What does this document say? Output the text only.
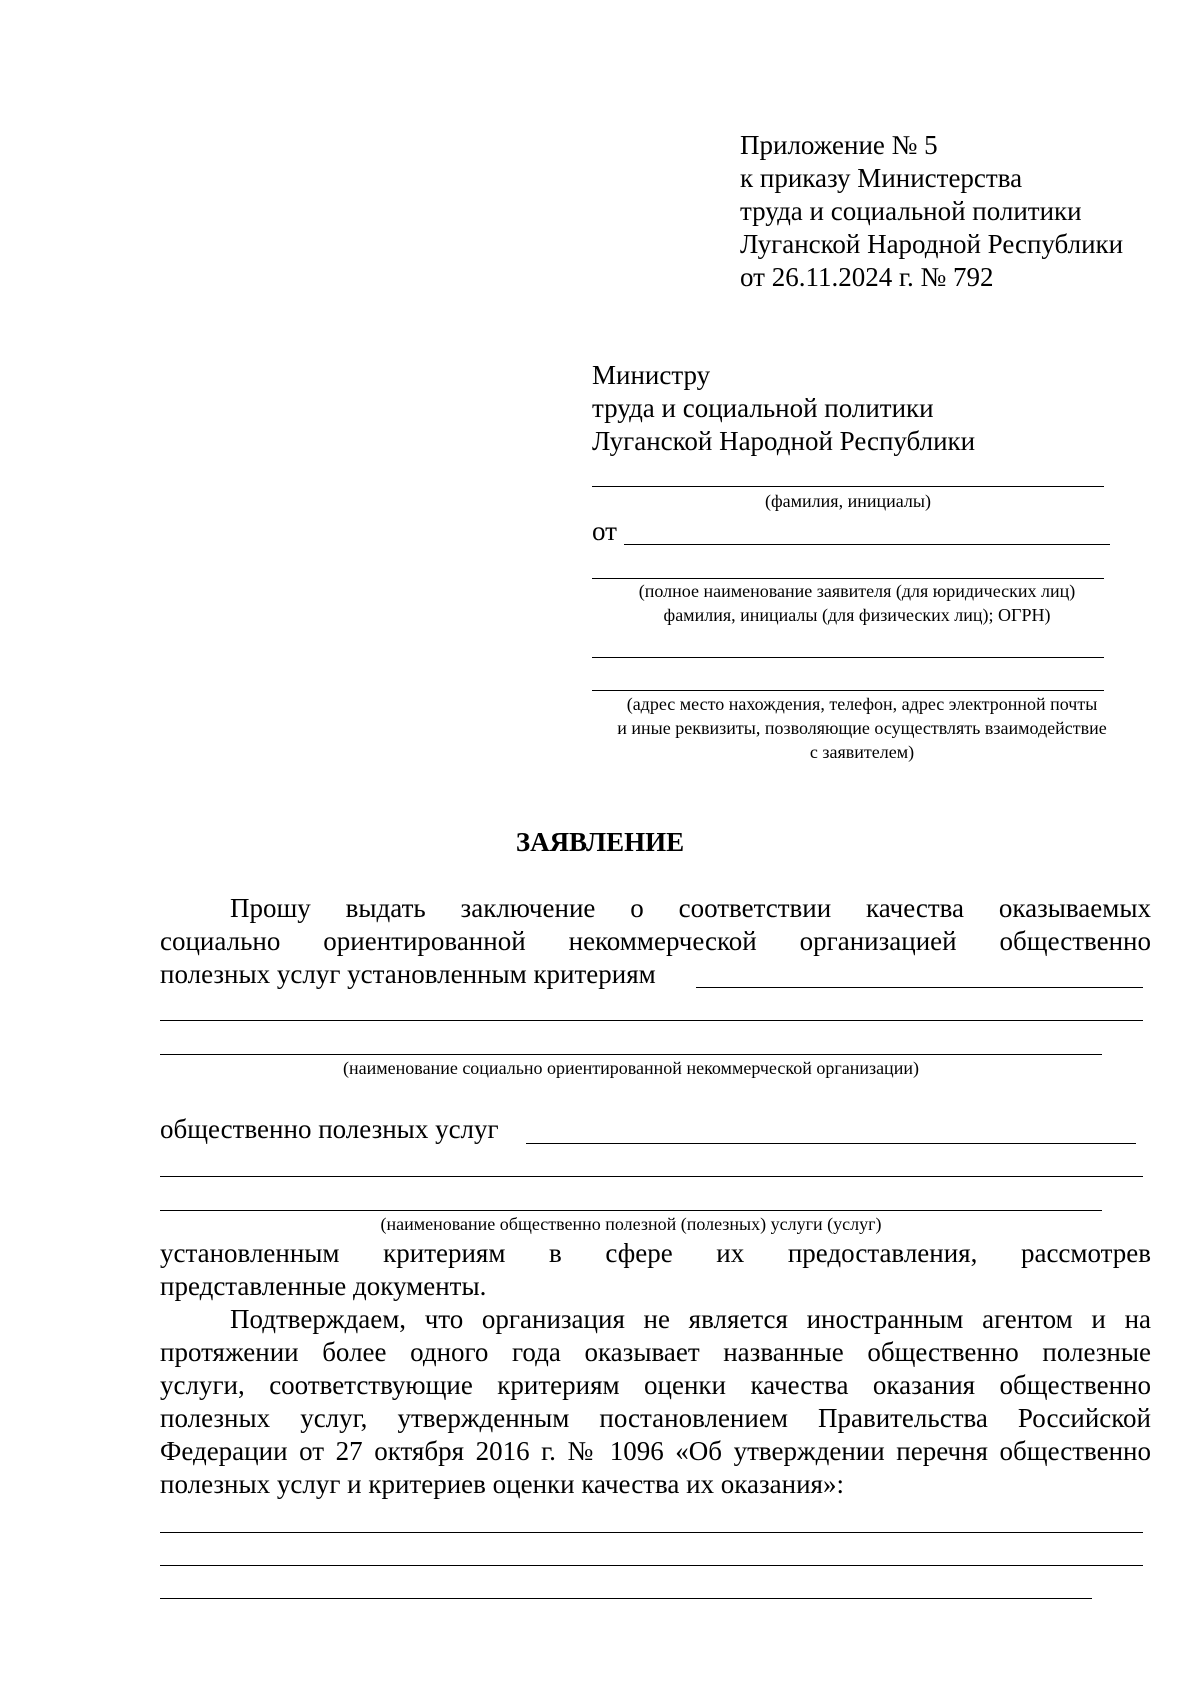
Приложение № 5
к приказу Министерства
труда и социальной политики
Луганской Народной Республики
от 26.11.2024 г. № 792
Министру
труда и социальной политики
Луганской Народной Республики
(фамилия, инициалы)
от
(полное наименование заявителя (для юридических лиц)
фамилия, инициалы (для физических лиц); ОГРН)
(адрес место нахождения, телефон, адрес электронной почты
и иные реквизиты, позволяющие осуществлять взаимодействие
с заявителем)
ЗАЯВЛЕНИЕ
Прошу выдать заключение о соответствии качества оказываемых
социально ориентированной некоммерческой организацией общественно
полезных услуг установленным критериям
(наименование социально ориентированной некоммерческой организации)
общественно полезных услуг
(наименование общественно полезной (полезных) услуги (услуг)
установленным критериям в сфере их предоставления, рассмотрев
представленные документы.
Подтверждаем, что организация не является иностранным агентом и на
протяжении более одного года оказывает названные общественно полезные
услуги, соответствующие критериям оценки качества оказания общественно
полезных услуг, утвержденным постановлением Правительства Российской
Федерации от 27 октября 2016 г. № 1096 «Об утверждении перечня общественно
полезных услуг и критериев оценки качества их оказания»:
